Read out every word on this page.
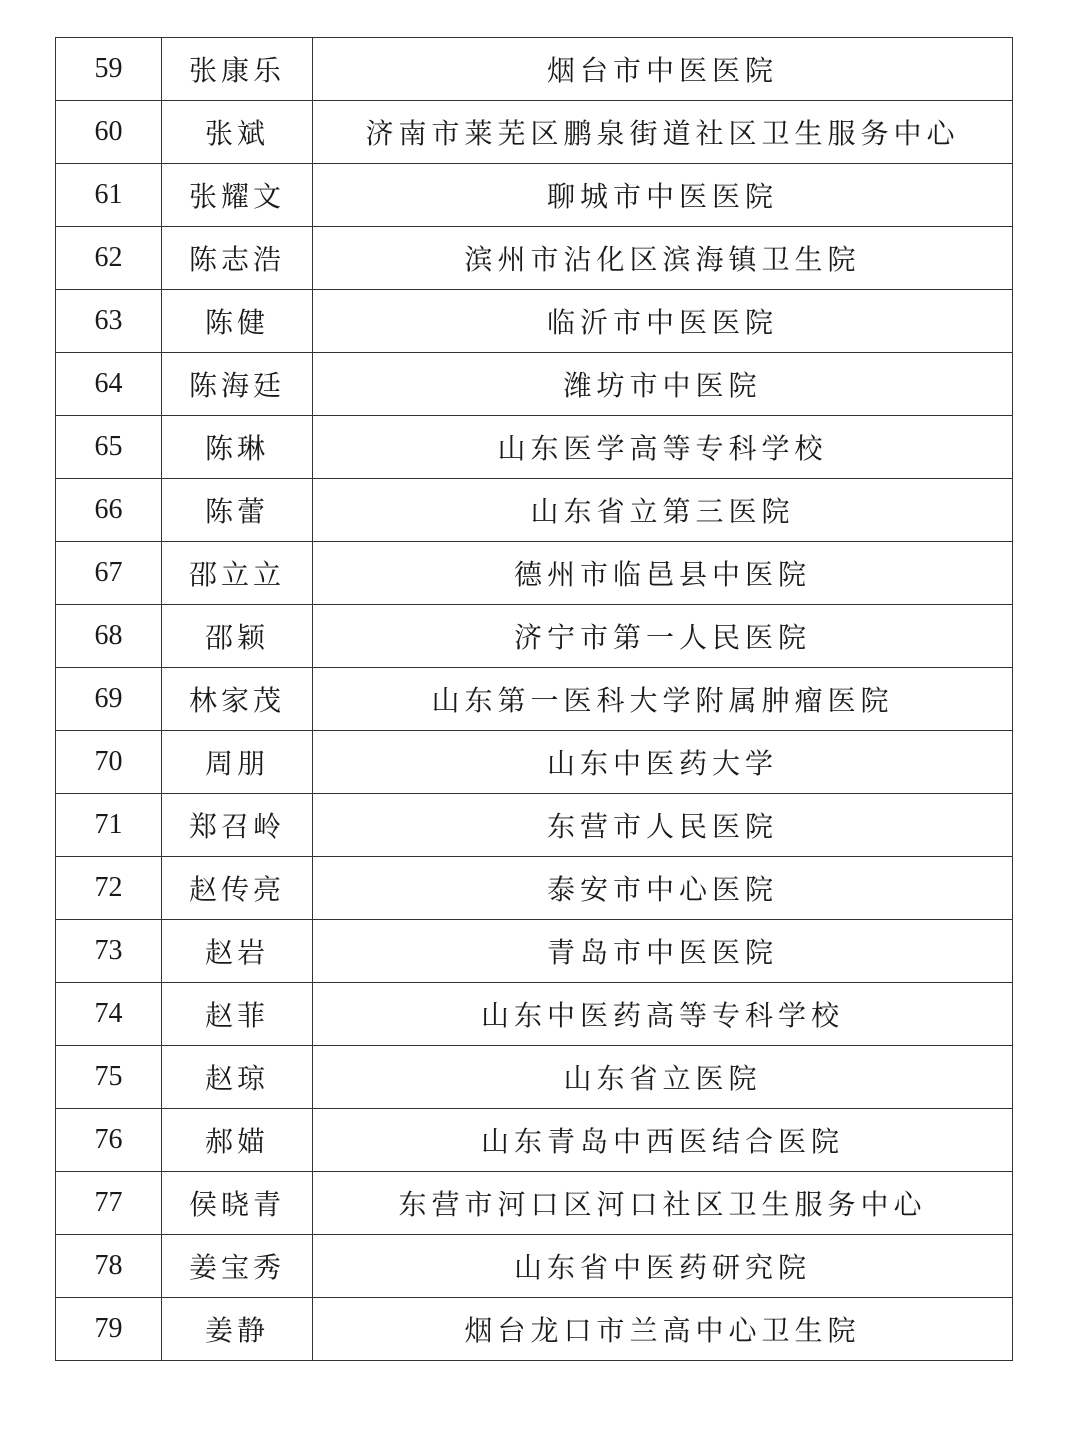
59	张康乐	烟台市中医医院
60	张斌	济南市莱芜区鹏泉街道社区卫生服务中心
61	张耀文	聊城市中医医院
62	陈志浩	滨州市沾化区滨海镇卫生院
63	陈健	临沂市中医医院
64	陈海廷	潍坊市中医院
65	陈琳	山东医学高等专科学校
66	陈蕾	山东省立第三医院
67	邵立立	德州市临邑县中医院
68	邵颖	济宁市第一人民医院
69	林家茂	山东第一医科大学附属肿瘤医院
70	周朋	山东中医药大学
71	郑召岭	东营市人民医院
72	赵传亮	泰安市中心医院
73	赵岩	青岛市中医医院
74	赵菲	山东中医药高等专科学校
75	赵琼	山东省立医院
76	郝媌	山东青岛中西医结合医院
77	侯晓青	东营市河口区河口社区卫生服务中心
78	姜宝秀	山东省中医药研究院
79	姜静	烟台龙口市兰高中心卫生院
